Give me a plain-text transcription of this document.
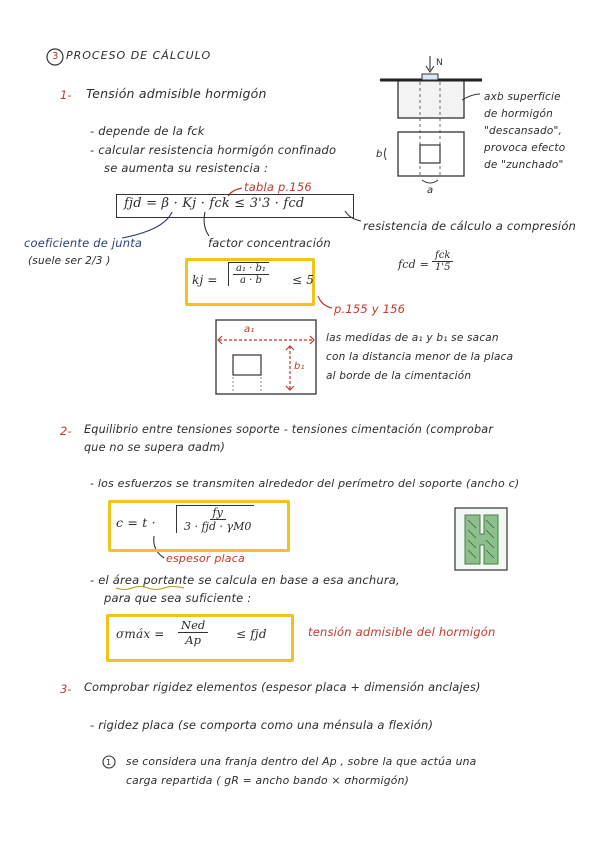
3 PROCESO DE CÁLCULO
1- Tensión admisible hormigón
- depende de la fck
- calcular resistencia hormigón confinado
se aumenta su resistencia :
tabla p.156
fjd = β · Kj · fck ≤ 3'3 · fcd
resistencia de cálculo a compresión
coeficiente de junta
(suele ser 2/3 )
factor concentración
kj = $\frac{\text{a₁ · b₁}}{a \cdot b} \le 5$
p.155 y 156
fcd = $\frac{\text{fck}}{1'5}$
N
a
b
axb superficie
de hormigón
"descansado",
provoca efecto
de "zunchado"
a₁
b₁
las medidas de a₁ y b₁ se sacan
con la distancia menor de la placa
al borde de la cimentación
2- Equilibrio entre tensiones soporte - tensiones cimentación (comprobar
que no se supera σadm)
- los esfuerzos se transmiten alrededor del perímetro del soporte (ancho c)
$c = t \cdot \frac{fy}{\text{3 · fjd · γM0}}$
espesor placa
- el área portante se calcula en base a esa anchura,
para que sea suficiente :
σmáx = $\frac{\text{Ned}}{Ap}$ ≤ fjd	tensión admisible del hormigón
3- Comprobar rigidez elementos (espesor placa + dimensión anclajes)
- rigidez placa (se comporta como una ménsula a flexión)
1 se considera una franja dentro del Ap , sobre la que actúa una
carga repartida ( gR = ancho bando × σhormigón)
